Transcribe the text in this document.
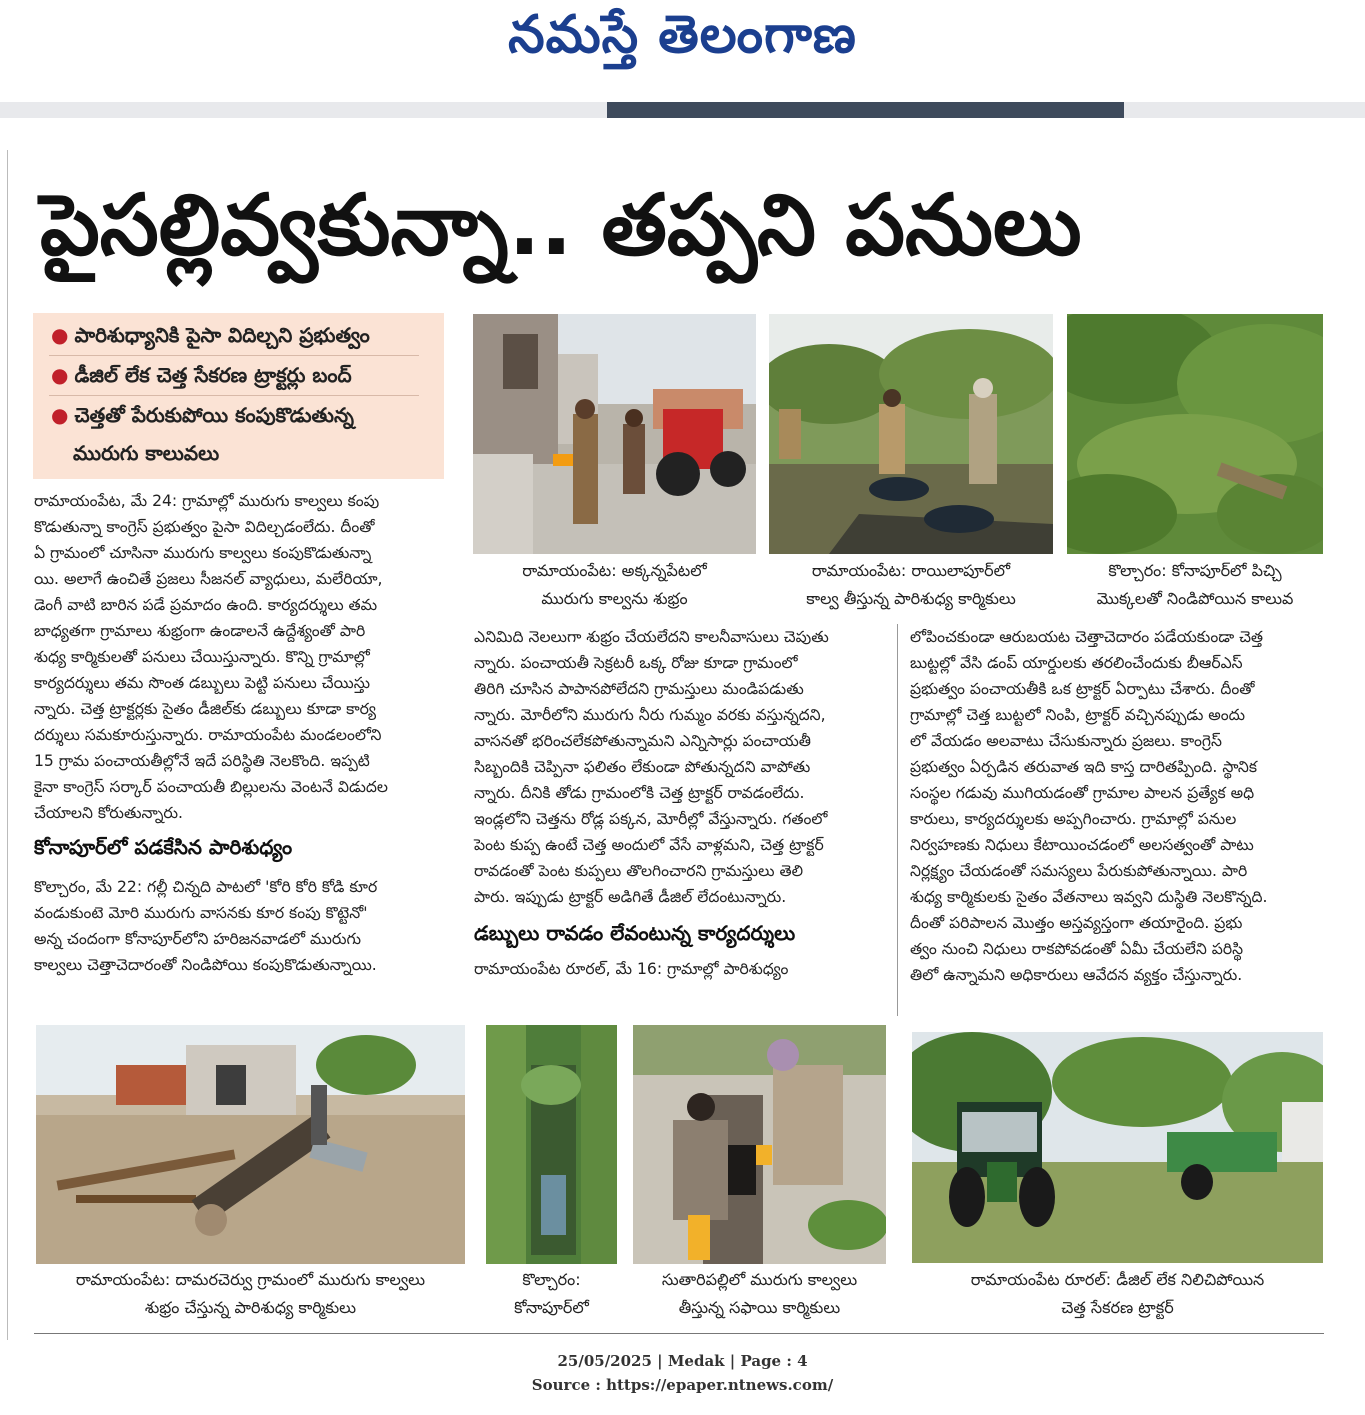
నమస్తే తెలంగాణ
పైసల్లివ్వకున్నా.. తప్పని పనులు
● పారిశుధ్యానికి పైసా విదిల్చని ప్రభుత్వం
● డీజిల్‌ లేక చెత్త సేకరణ ట్రాక్టర్లు బంద్‌
● చెత్తతో పేరుకుపోయి కంపుకొడుతున్న
మురుగు కాలువలు
రామాయంపేట, మే 24: గ్రామాల్లో మురుగు కాల్వలు కంపు
కొడుతున్నా కాంగ్రెస్‌ ప్రభుత్వం పైసా విదిల్చడంలేదు. దీంతో
ఏ గ్రామంలో చూసినా మురుగు కాల్వలు కంపుకొడుతున్నా
యి. అలాగే ఉంచితే ప్రజలు సీజనల్‌ వ్యాధులు, మలేరియా,
డెంగీ వాటి బారిన పడే ప్రమాదం ఉంది. కార్యదర్శులు తమ
బాధ్యతగా గ్రామాలు శుభ్రంగా ఉండాలనే ఉద్దేశ్యంతో పారి
శుధ్య కార్మికులతో పనులు చేయిస్తున్నారు. కొన్ని గ్రామాల్లో
కార్యదర్శులు తమ సొంత డబ్బులు పెట్టి పనులు చేయిస్తు
న్నారు. చెత్త ట్రాక్టర్లకు సైతం డీజిల్‌కు డబ్బులు కూడా కార్య
దర్శులు సమకూరుస్తున్నారు. రామాయంపేట మండలంలోని
15 గ్రామ పంచాయతీల్లోనే ఇదే పరిస్థితి నెలకొంది. ఇప్పటి
కైనా కాంగ్రెస్‌ సర్కార్‌ పంచాయతీ బిల్లులను వెంటనే విడుదల
చేయాలని కోరుతున్నారు.
కోనాపూర్‌లో పడకేసిన పారిశుధ్యం
కొల్చారం, మే 22: గల్లీ చిన్నది పాటలో 'కోరి కోరి కోడి కూర
వండుకుంటె మోరి మురుగు వాసనకు కూర కంపు కొట్టెనో'
అన్న చందంగా కోనాపూర్‌లోని హరిజనవాడలో మురుగు
కాల్వలు చెత్తాచెదారంతో నిండిపోయి కంపుకొడుతున్నాయి.
రామాయంపేట: అక్కన్నపేటలో
మురుగు కాల్వను శుభ్రం
రామాయంపేట: రాయిలాపూర్‌లో
కాల్వ తీస్తున్న పారిశుధ్య కార్మికులు
కొల్చారం: కోనాపూర్‌లో పిచ్చి
మొక్కలతో నిండిపోయిన కాలువ
ఎనిమిది నెలలుగా శుభ్రం చేయలేదని కాలనీవాసులు చెపుతు
న్నారు. పంచాయతీ సెక్రటరీ ఒక్క రోజు కూడా గ్రామంలో
తిరిగి చూసిన పాపానపోలేదని గ్రామస్తులు మండిపడుతు
న్నారు. మోరీలోని మురుగు నీరు గుమ్మం వరకు వస్తున్నదని,
వాసనతో భరించలేకపోతున్నామని ఎన్నిసార్లు పంచాయతీ
సిబ్బందికి చెప్పినా ఫలితం లేకుండా పోతున్నదని వాపోతు
న్నారు. దీనికి తోడు గ్రామంలోకి చెత్త ట్రాక్టర్‌ రావడంలేదు.
ఇండ్లలోని చెత్తను రోడ్ల పక్కన, మోరీల్లో వేస్తున్నారు. గతంలో
పెంట కుప్ప ఉంటే చెత్త అందులో వేసే వాళ్లమని, చెత్త ట్రాక్టర్‌
రావడంతో పెంట కుప్పలు తొలగించారని గ్రామస్తులు తెలి
పారు. ఇప్పుడు ట్రాక్టర్‌ అడిగితే డీజిల్‌ లేదంటున్నారు.
డబ్బులు రావడం లేవంటున్న కార్యదర్శులు
రామాయంపేట రూరల్‌, మే 16: గ్రామాల్లో పారిశుధ్యం
లోపించకుండా ఆరుబయట చెత్తాచెదారం పడేయకుండా చెత్త
బుట్టల్లో వేసి డంప్‌ యార్డులకు తరలించేందుకు బీఆర్‌ఎస్‌
ప్రభుత్వం పంచాయతీకి ఒక ట్రాక్టర్‌ ఏర్పాటు చేశారు. దీంతో
గ్రామాల్లో చెత్త బుట్టలో నింపి, ట్రాక్టర్‌ వచ్చినప్పుడు అందు
లో వేయడం అలవాటు చేసుకున్నారు ప్రజలు. కాంగ్రెస్‌
ప్రభుత్వం ఏర్పడిన తరువాత ఇది కాస్త దారితప్పింది. స్థానిక
సంస్థల గడువు ముగియడంతో గ్రామాల పాలన ప్రత్యేక అధి
కారులు, కార్యదర్శులకు అప్పగించారు. గ్రామాల్లో పనుల
నిర్వహణకు నిధులు కేటాయించడంలో అలసత్వంతో పాటు
నిర్లక్ష్యం చేయడంతో సమస్యలు పేరుకుపోతున్నాయి. పారి
శుధ్య కార్మికులకు సైతం వేతనాలు ఇవ్వని దుస్థితి నెలకొన్నది.
దీంతో పరిపాలన మొత్తం అస్తవ్యస్తంగా తయారైంది. ప్రభు
త్వం నుంచి నిధులు రాకపోవడంతో ఏమీ చేయలేని పరిస్థి
తిలో ఉన్నామని అధికారులు ఆవేదన వ్యక్తం చేస్తున్నారు.
రామాయంపేట: దామరచెర్వు గ్రామంలో మురుగు కాల్వలు
శుభ్రం చేస్తున్న పారిశుధ్య కార్మికులు
కొల్చారం:
కోనాపూర్‌లో
సుతారిపల్లిలో మురుగు కాల్వలు
తీస్తున్న సఫాయి కార్మికులు
రామాయంపేట రూరల్‌: డీజిల్‌ లేక నిలిచిపోయిన
చెత్త సేకరణ ట్రాక్టర్‌
25/05/2025 | Medak | Page : 4
Source : https://epaper.ntnews.com/
